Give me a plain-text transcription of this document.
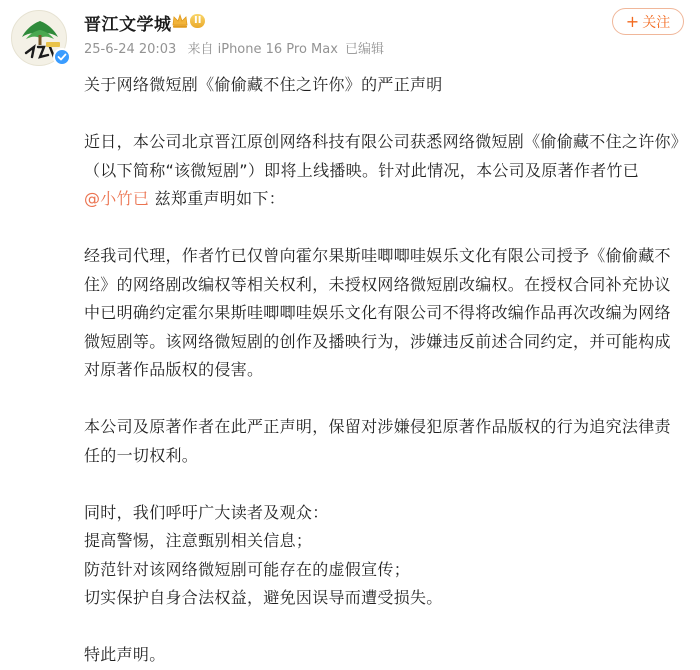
晋江文学城	II
25-6-24 20:03 来自 iPhone 16 Pro Max 已编辑
+ 关注

关于网络微短剧《偷偷藏不住之许你》的严正声明

近日，本公司北京晋江原创网络科技有限公司获悉网络微短剧《偷偷藏不住之许你》（以下简称“该微短剧”）即将上线播映。针对此情况，本公司及原著作者竹已
@小竹已 兹郑重声明如下：

经我司代理，作者竹已仅曾向霍尔果斯哇唧唧哇娱乐文化有限公司授予《偷偷藏不住》的网络剧改编权等相关权利，未授权网络微短剧改编权。在授权合同补充协议中已明确约定霍尔果斯哇唧唧哇娱乐文化有限公司不得将改编作品再次改编为网络微短剧等。该网络微短剧的创作及播映行为，涉嫌违反前述合同约定，并可能构成对原著作品版权的侵害。

本公司及原著作者在此严正声明，保留对涉嫌侵犯原著作品版权的行为追究法律责任的一切权利。

同时，我们呼吁广大读者及观众：

提高警惕，注意甄别相关信息；

防范针对该网络微短剧可能存在的虚假宣传；

切实保护自身合法权益，避免因误导而遭受损失。

特此声明。
